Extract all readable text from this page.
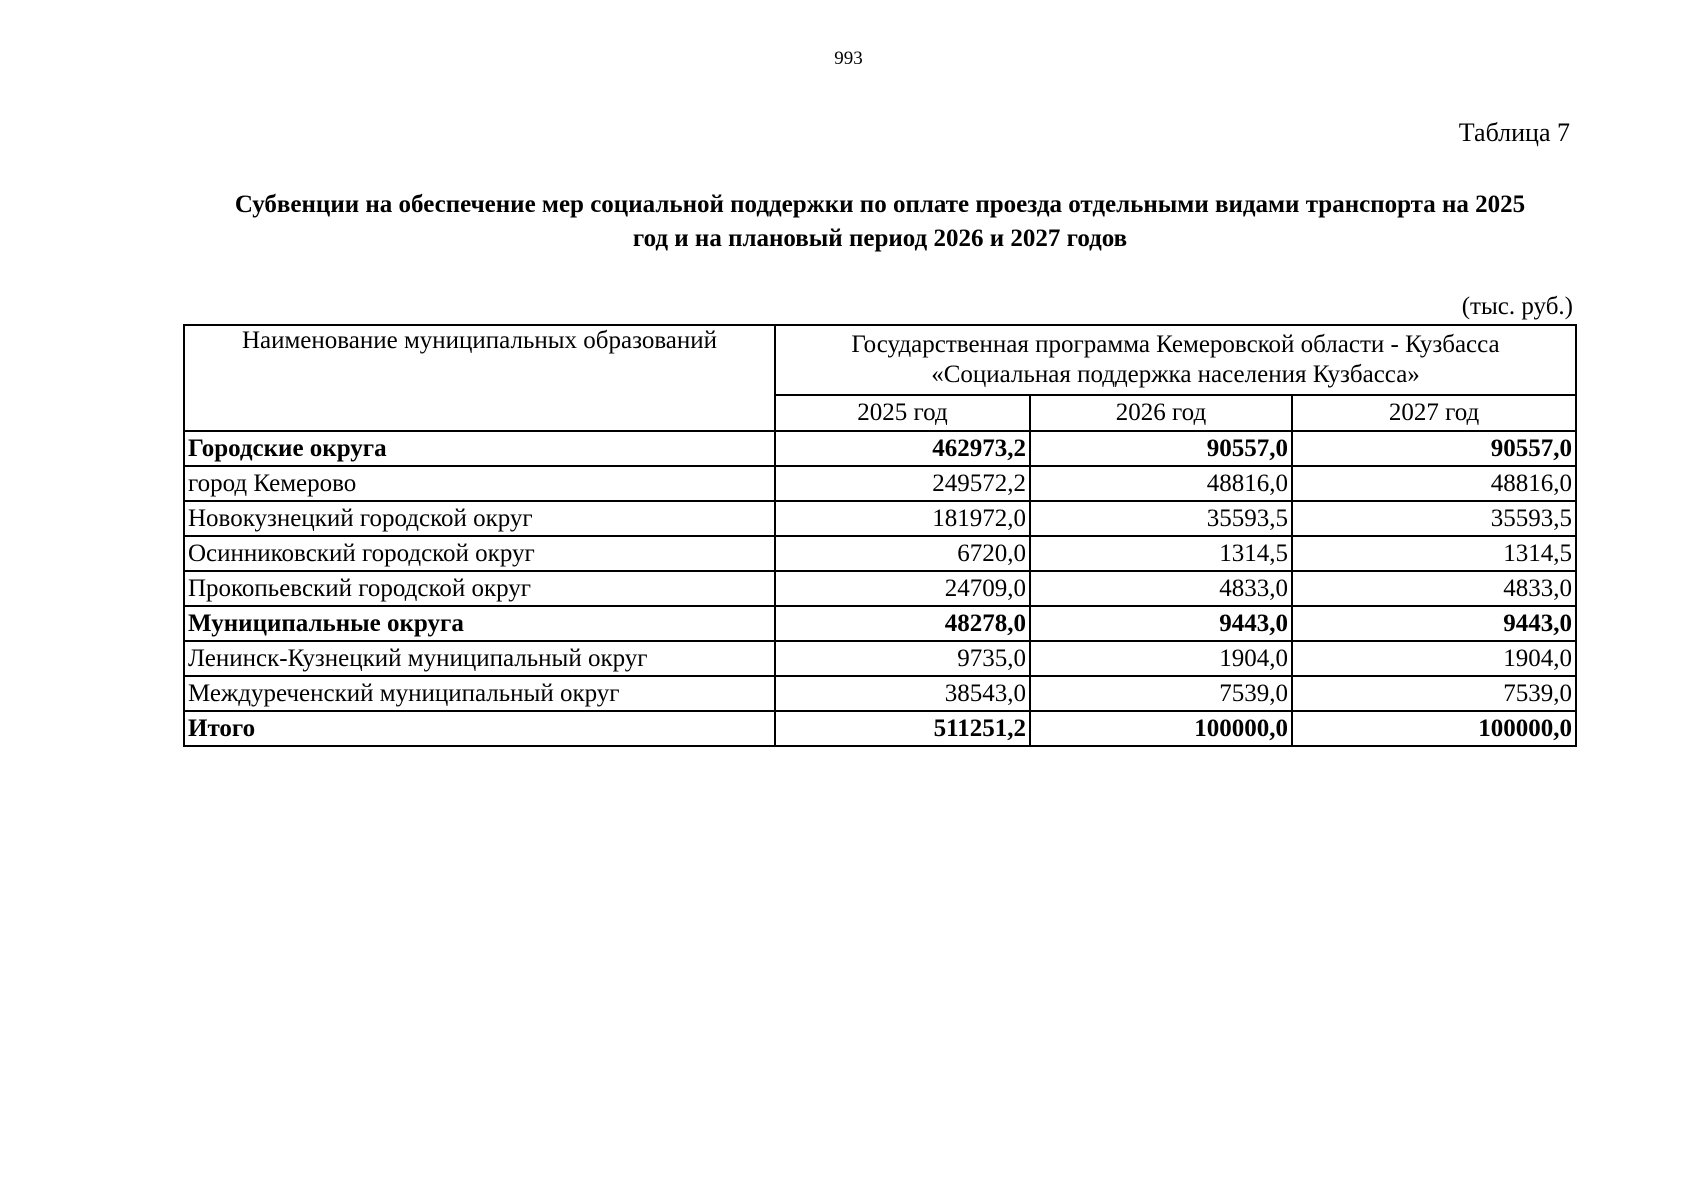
993
Таблица 7
Субвенции на обеспечение мер социальной поддержки по оплате проезда отдельными видами транспорта на 2025
год и на плановый период 2026 и 2027 годов
(тыс. руб.)
Наименование муниципальных образований	Государственная программа Кемеровской области - Кузбасса
«Социальная поддержка населения Кузбасса»		

	2025 год	2026 год	2027 год
Городские округа	462973,2	90557,0	90557,0
город Кемерово	249572,2	48816,0	48816,0
Новокузнецкий городской округ	181972,0	35593,5	35593,5
Осинниковский городской округ	6720,0	1314,5	1314,5
Прокопьевский городской округ	24709,0	4833,0	4833,0
Муниципальные округа	48278,0	9443,0	9443,0
Ленинск-Кузнецкий муниципальный округ	9735,0	1904,0	1904,0
Междуреченский муниципальный округ	38543,0	7539,0	7539,0
Итого	511251,2	100000,0	100000,0
